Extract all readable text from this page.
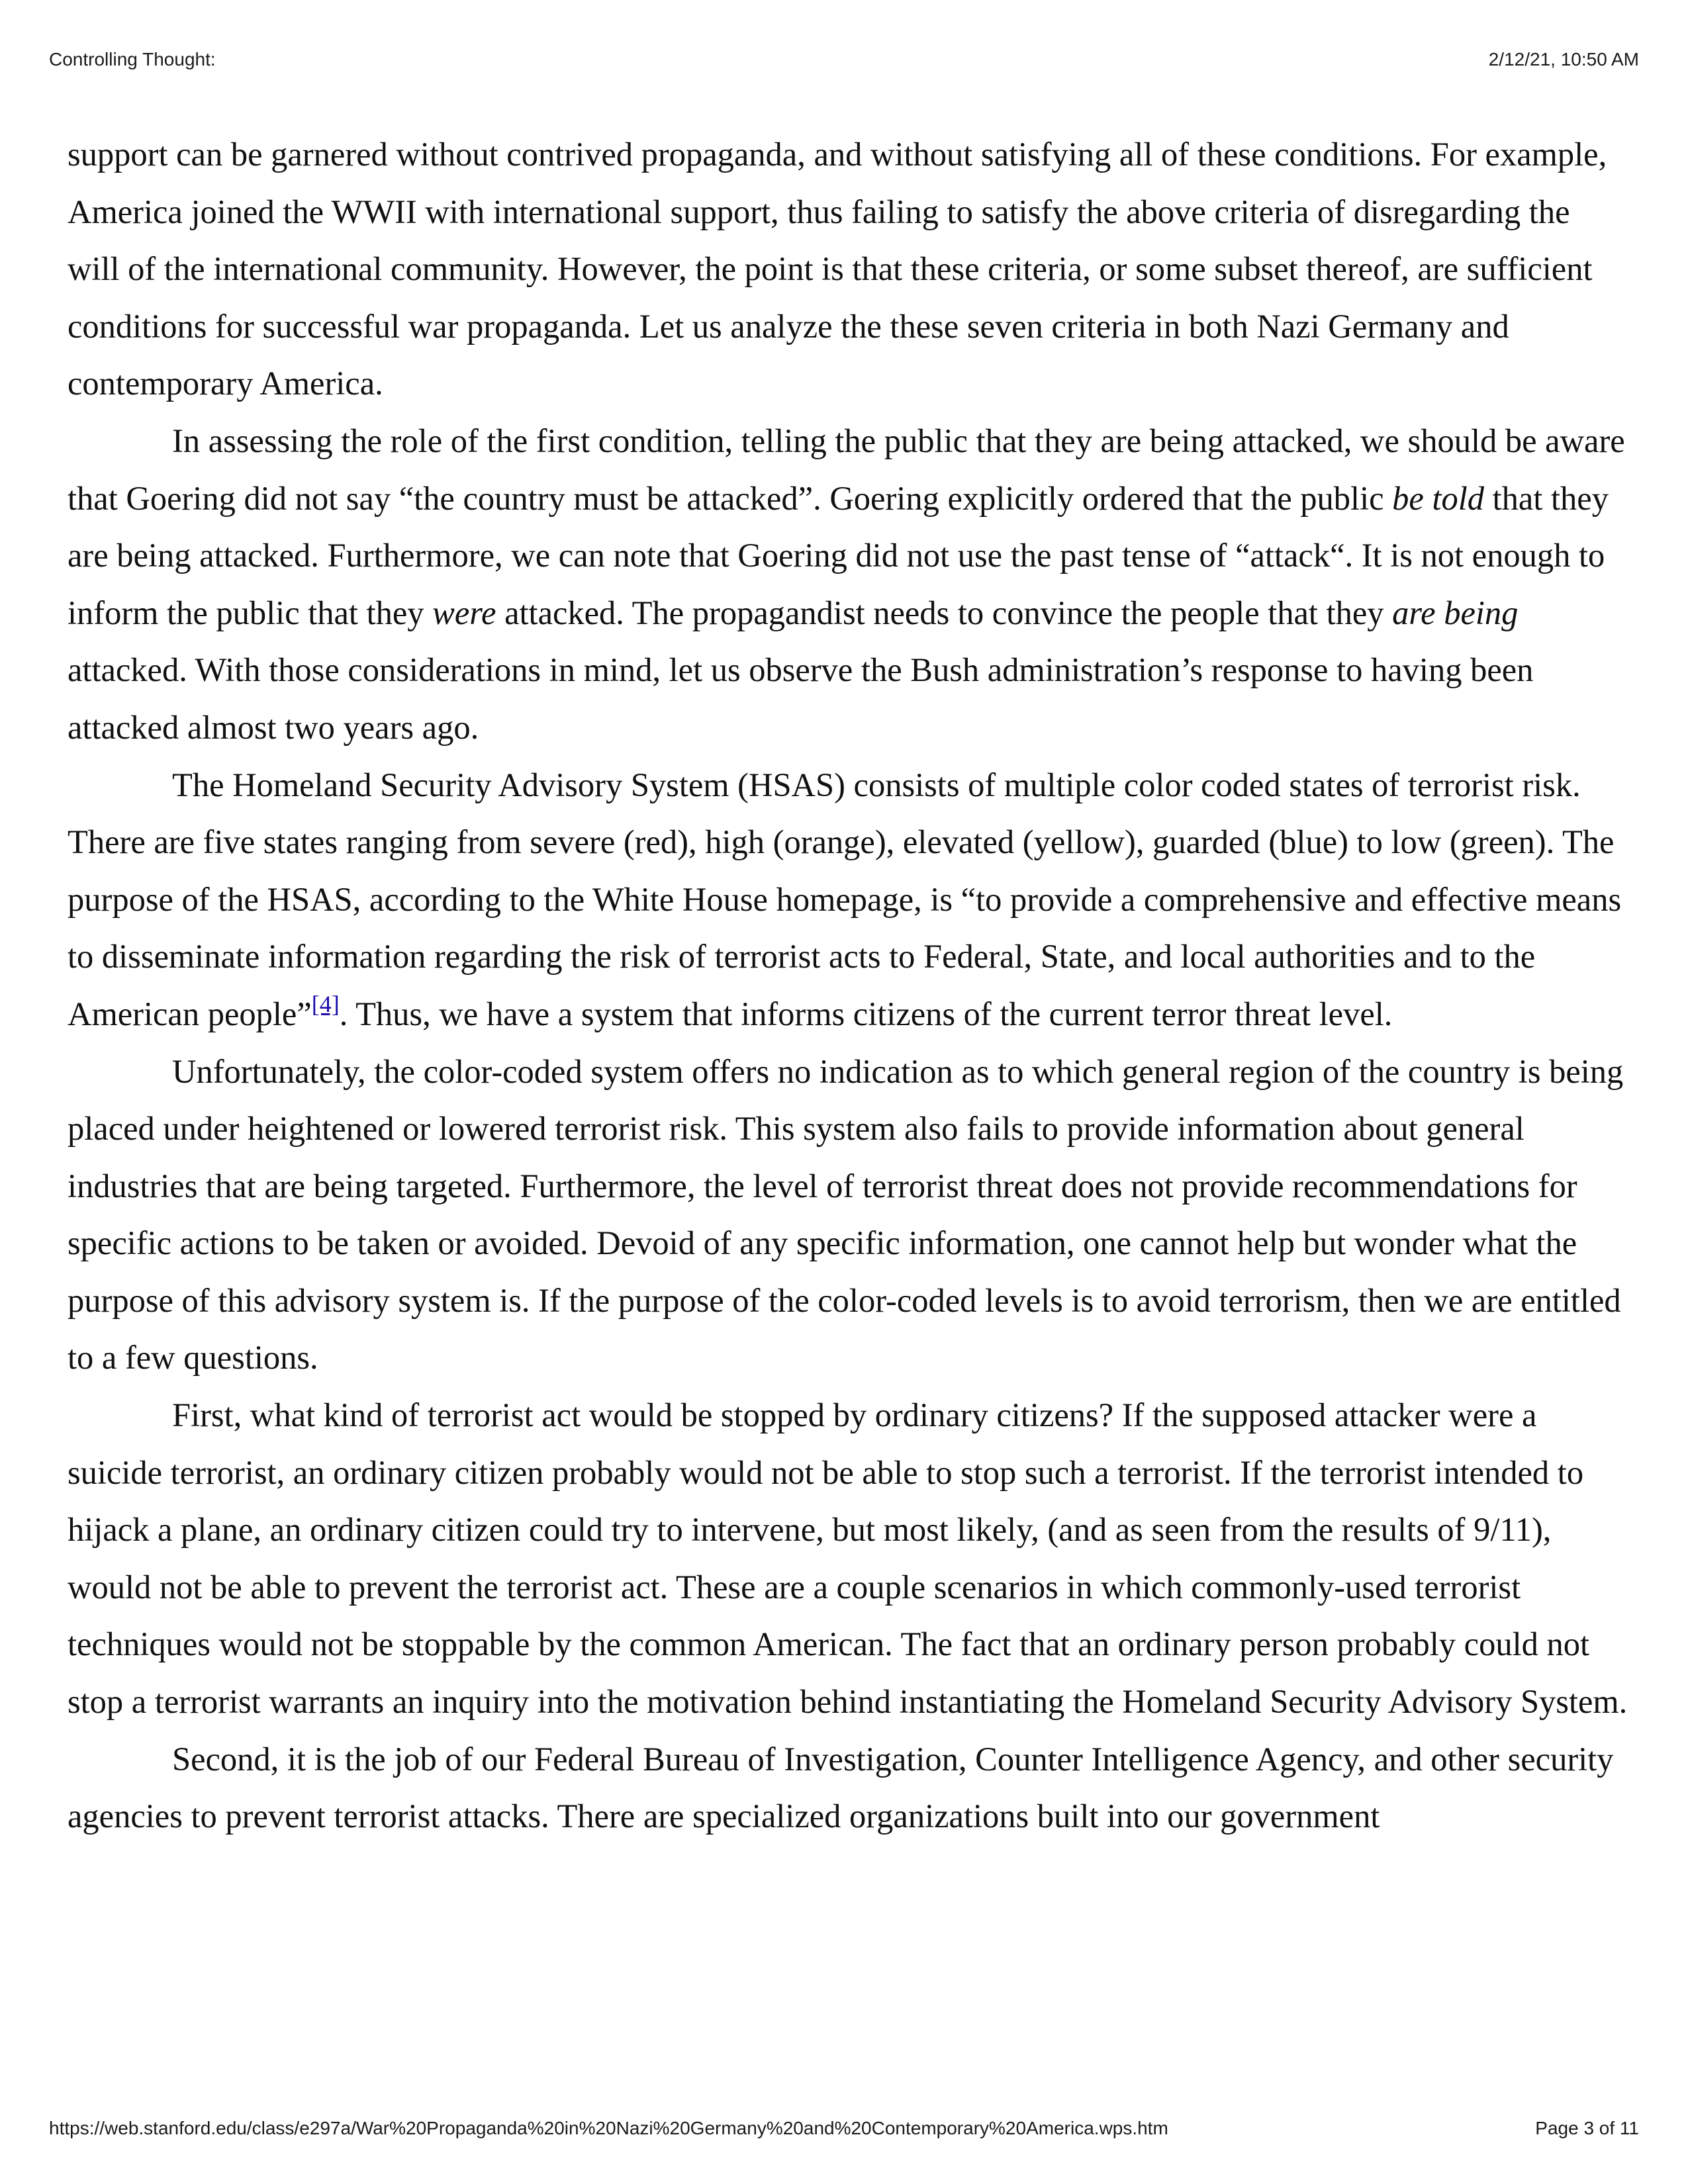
Controlling Thought:	2/12/21, 10:50 AM

support can be garnered without contrived propaganda, and without satisfying all of these conditions. For example, America joined the WWII with international support, thus failing to satisfy the above criteria of disregarding the will of the international community. However, the point is that these criteria, or some subset thereof, are sufficient conditions for successful war propaganda. Let us analyze the these seven criteria in both Nazi Germany and contemporary America.

In assessing the role of the first condition, telling the public that they are being attacked, we should be aware that Goering did not say “the country must be attacked”. Goering explicitly ordered that the public be told that they are being attacked. Furthermore, we can note that Goering did not use the past tense of “attack“. It is not enough to inform the public that they were attacked. The propagandist needs to convince the people that they are being attacked. With those considerations in mind, let us observe the Bush administration’s response to having been attacked almost two years ago.

The Homeland Security Advisory System (HSAS) consists of multiple color coded states of terrorist risk. There are five states ranging from severe (red), high (orange), elevated (yellow), guarded (blue) to low (green). The purpose of the HSAS, according to the White House homepage, is “to provide a comprehensive and effective means to disseminate information regarding the risk of terrorist acts to Federal, State, and local authorities and to the American people”[4]. Thus, we have a system that informs citizens of the current terror threat level.

Unfortunately, the color-coded system offers no indication as to which general region of the country is being placed under heightened or lowered terrorist risk. This system also fails to provide information about general industries that are being targeted. Furthermore, the level of terrorist threat does not provide recommendations for specific actions to be taken or avoided. Devoid of any specific information, one cannot help but wonder what the purpose of this advisory system is. If the purpose of the color-coded levels is to avoid terrorism, then we are entitled to a few questions.

First, what kind of terrorist act would be stopped by ordinary citizens? If the supposed attacker were a suicide terrorist, an ordinary citizen probably would not be able to stop such a terrorist. If the terrorist intended to hijack a plane, an ordinary citizen could try to intervene, but most likely, (and as seen from the results of 9/11), would not be able to prevent the terrorist act. These are a couple scenarios in which commonly-used terrorist techniques would not be stoppable by the common American. The fact that an ordinary person probably could not stop a terrorist warrants an inquiry into the motivation behind instantiating the Homeland Security Advisory System.

Second, it is the job of our Federal Bureau of Investigation, Counter Intelligence Agency, and other security agencies to prevent terrorist attacks. There are specialized organizations built into our government

https://web.stanford.edu/class/e297a/War%20Propaganda%20in%20Nazi%20Germany%20and%20Contemporary%20America.wps.htm	Page 3 of 11
